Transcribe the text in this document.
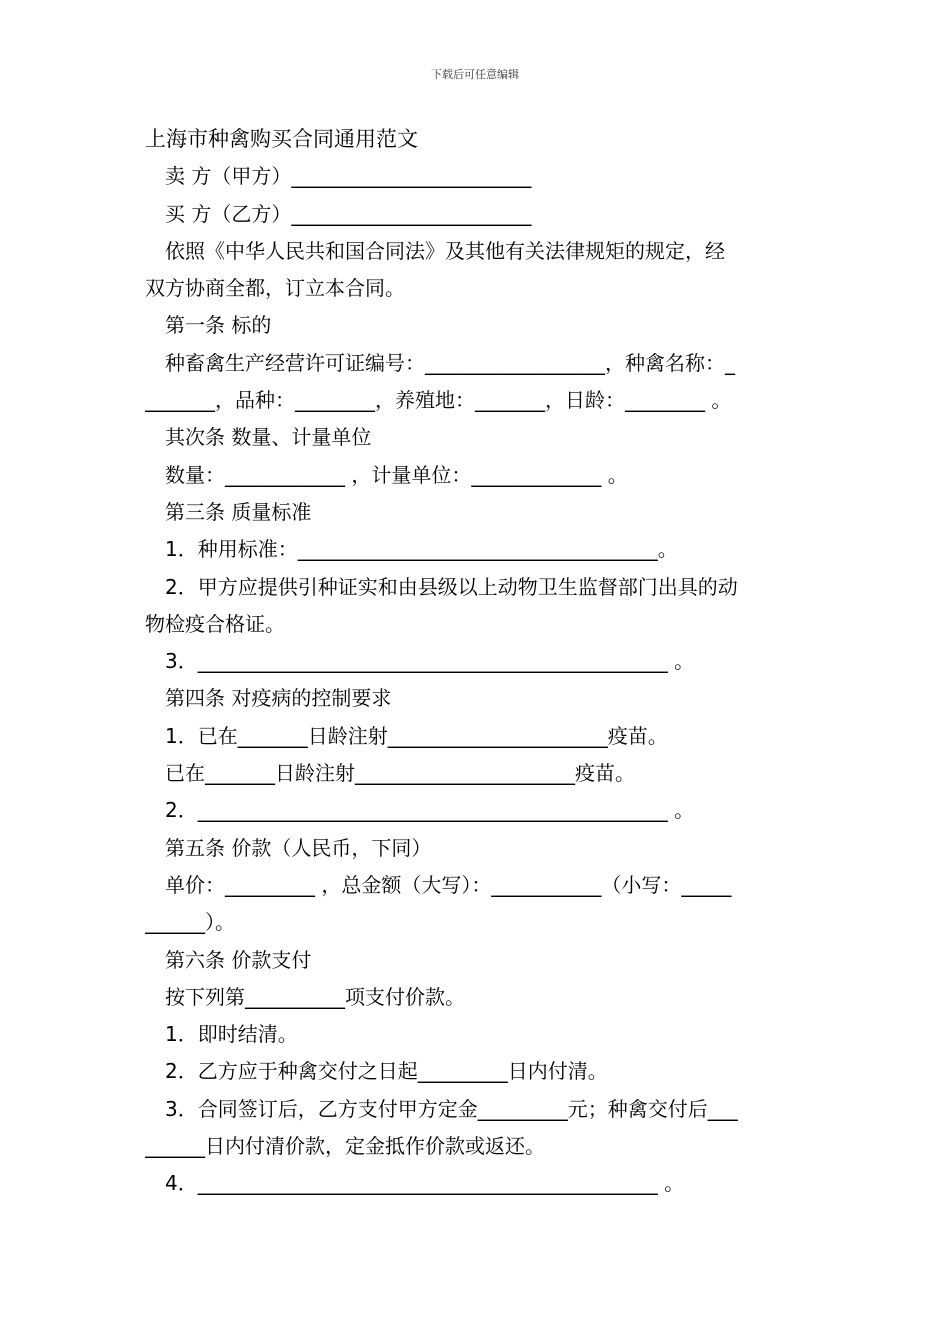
下载后可任意编辑
上海市种禽购买合同通用范文
卖 方（甲方）________________________
买 方（乙方）________________________
依照《中华人民共和国合同法》及其他有关法律规矩的规定，经
双方协商全都，订立本合同。
第一条 标的
种畜禽生产经营许可证编号：__________________，种禽名称：_
_______，品种：________，养殖地：_______，日龄：________ 。
其次条 数量、计量单位
数量：____________ ，计量单位：_____________ 。
第三条 质量标准
1．种用标准：____________________________________。
2．甲方应提供引种证实和由县级以上动物卫生监督部门出具的动
物检疫合格证。
3．_______________________________________________ 。
第四条 对疫病的控制要求
1．已在_______日龄注射______________________疫苗。
已在_______日龄注射______________________疫苗。
2．_______________________________________________ 。
第五条 价款（人民币，下同）
单价：_________ ，总金额（大写）：___________（小写：_____
______）。
第六条 价款支付
按下列第__________项支付价款。
1．即时结清。
2．乙方应于种禽交付之日起_________日内付清。
3．合同签订后，乙方支付甲方定金_________元；种禽交付后___
______日内付清价款，定金抵作价款或返还。
4．______________________________________________ 。
